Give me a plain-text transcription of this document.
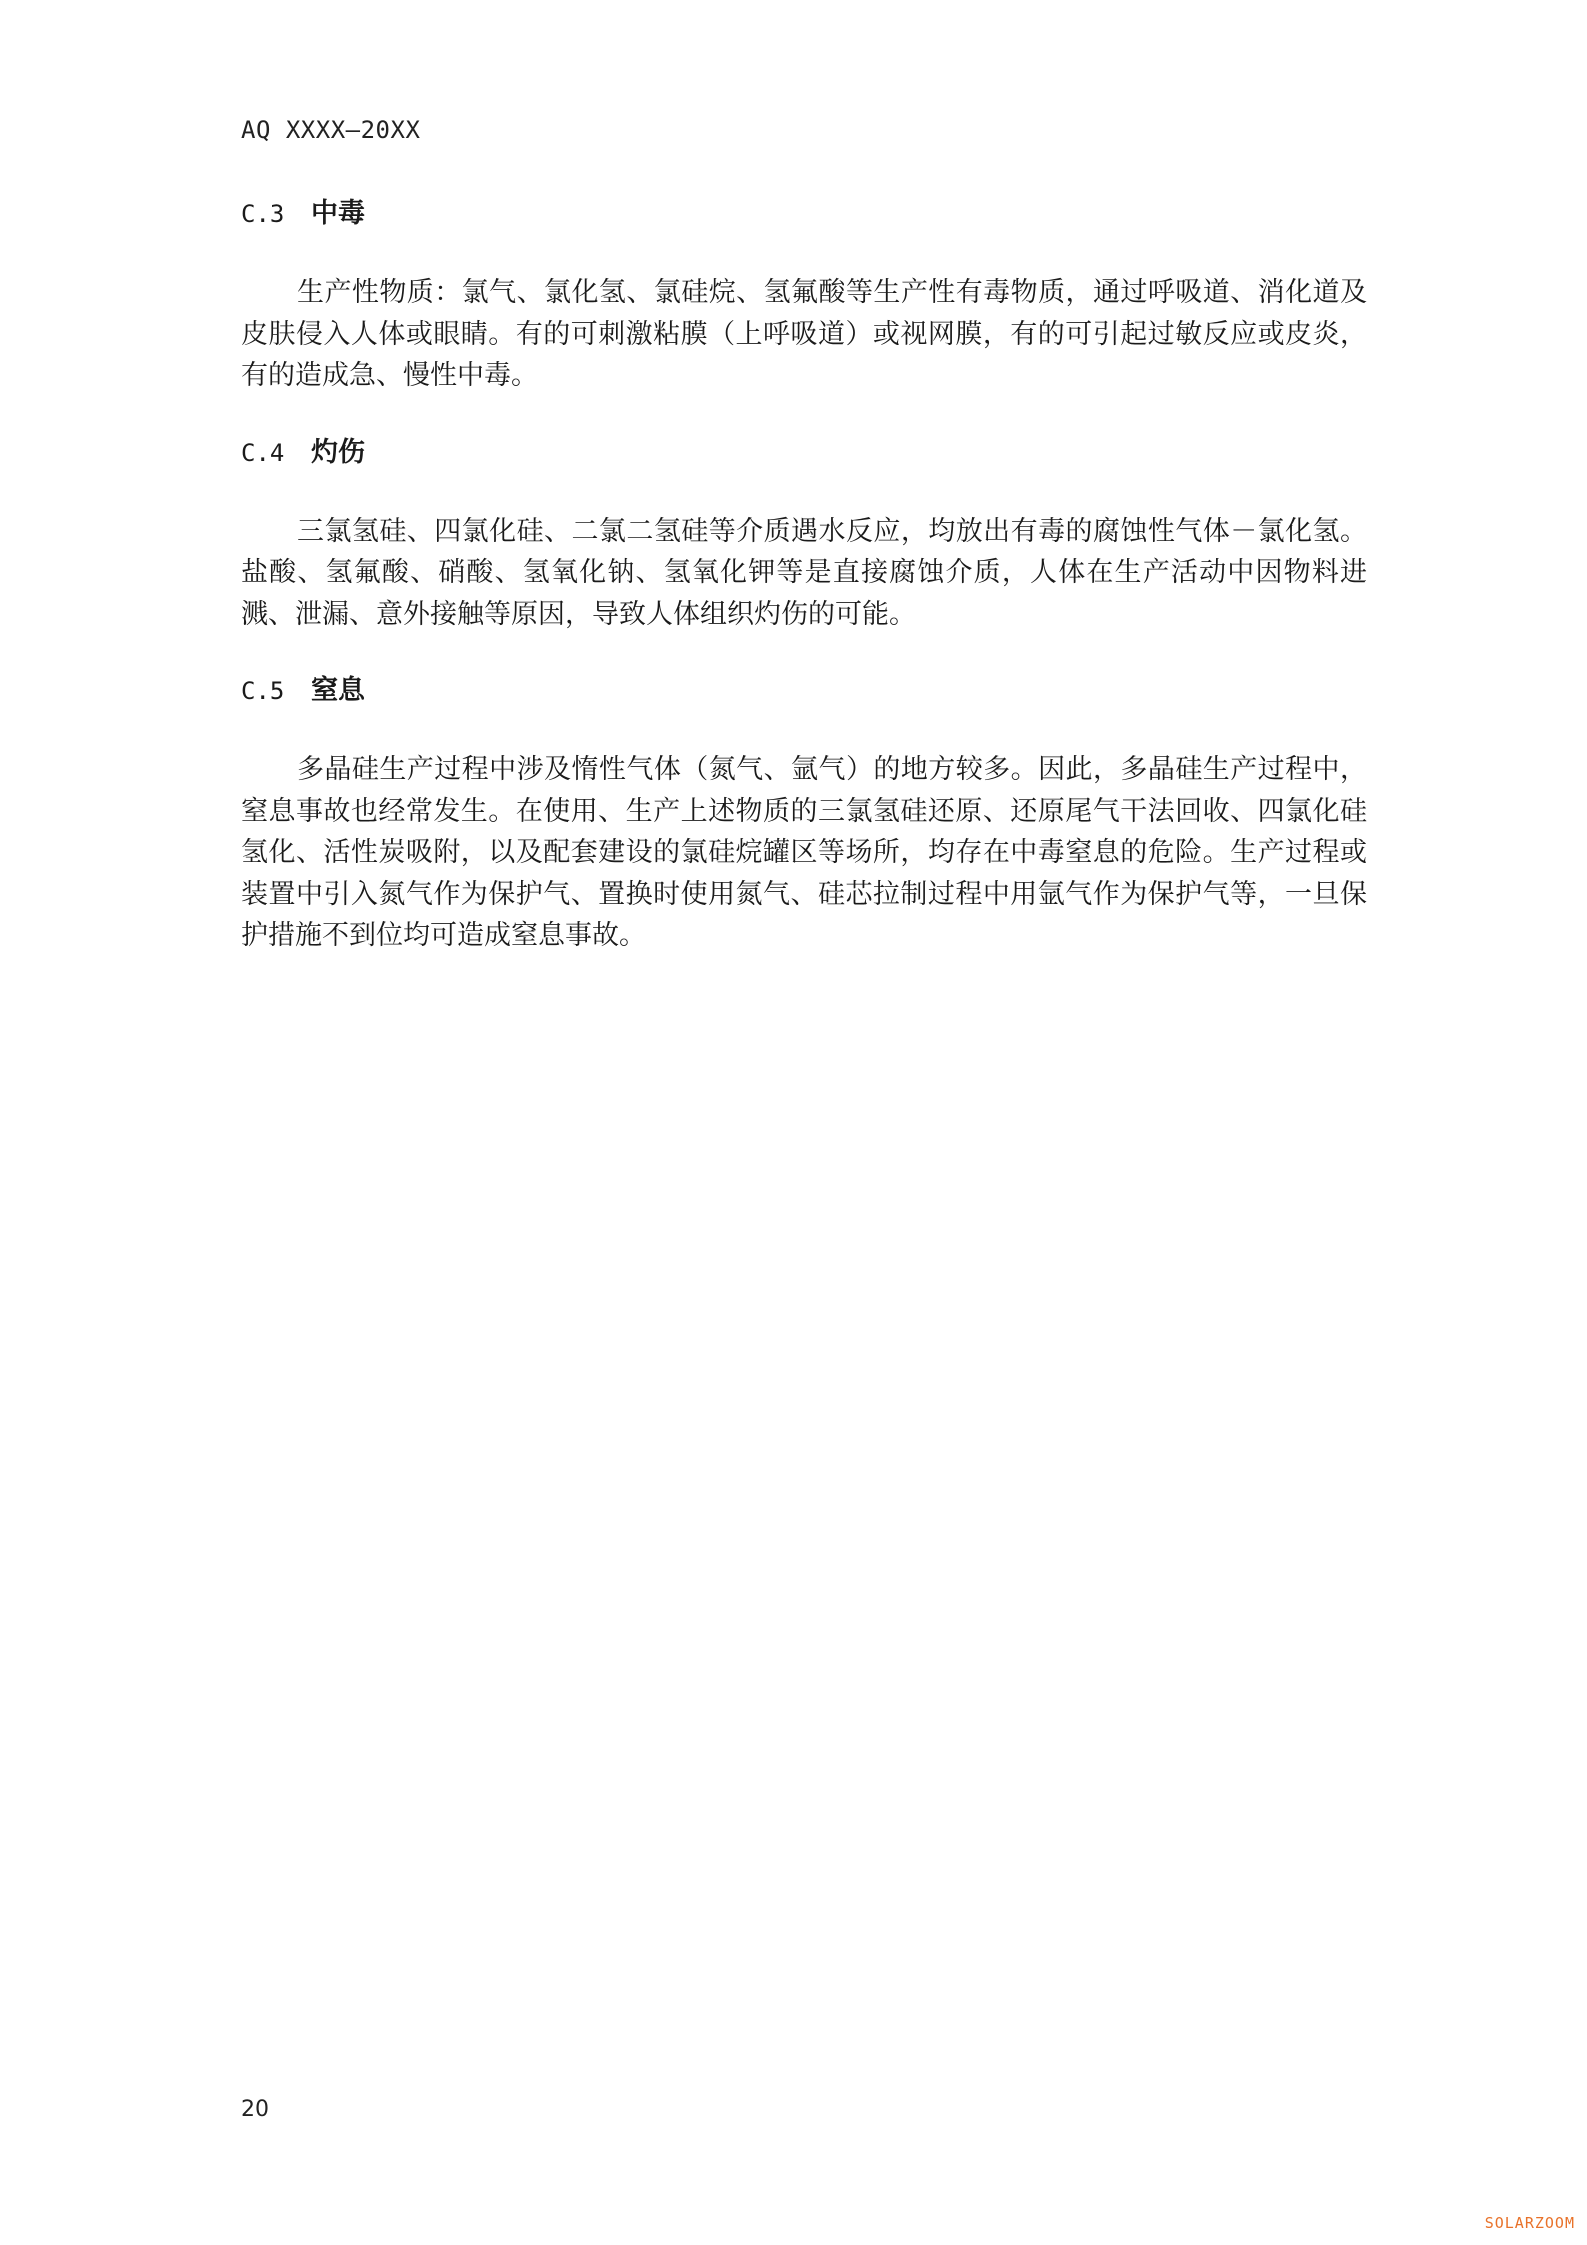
AQ XXXX—20XX
C.3 中毒

生产性物质：氯气、氯化氢、氯硅烷、氢氟酸等生产性有毒物质，通过呼吸道、消化道及皮肤侵入人体或眼睛。有的可刺激粘膜（上呼吸道）或视网膜，有的可引起过敏反应或皮炎，有的造成急、慢性中毒。

C.4 灼伤

三氯氢硅、四氯化硅、二氯二氢硅等介质遇水反应，均放出有毒的腐蚀性气体－氯化氢。盐酸、氢氟酸、硝酸、氢氧化钠、氢氧化钾等是直接腐蚀介质，人体在生产活动中因物料进溅、泄漏、意外接触等原因，导致人体组织灼伤的可能。

C.5 窒息

多晶硅生产过程中涉及惰性气体（氮气、氩气）的地方较多。因此，多晶硅生产过程中，窒息事故也经常发生。在使用、生产上述物质的三氯氢硅还原、还原尾气干法回收、四氯化硅氢化、活性炭吸附，以及配套建设的氯硅烷罐区等场所，均存在中毒窒息的危险。生产过程或装置中引入氮气作为保护气、置换时使用氮气、硅芯拉制过程中用氩气作为保护气等，一旦保护措施不到位均可造成窒息事故。

20
SOLARZOOM
